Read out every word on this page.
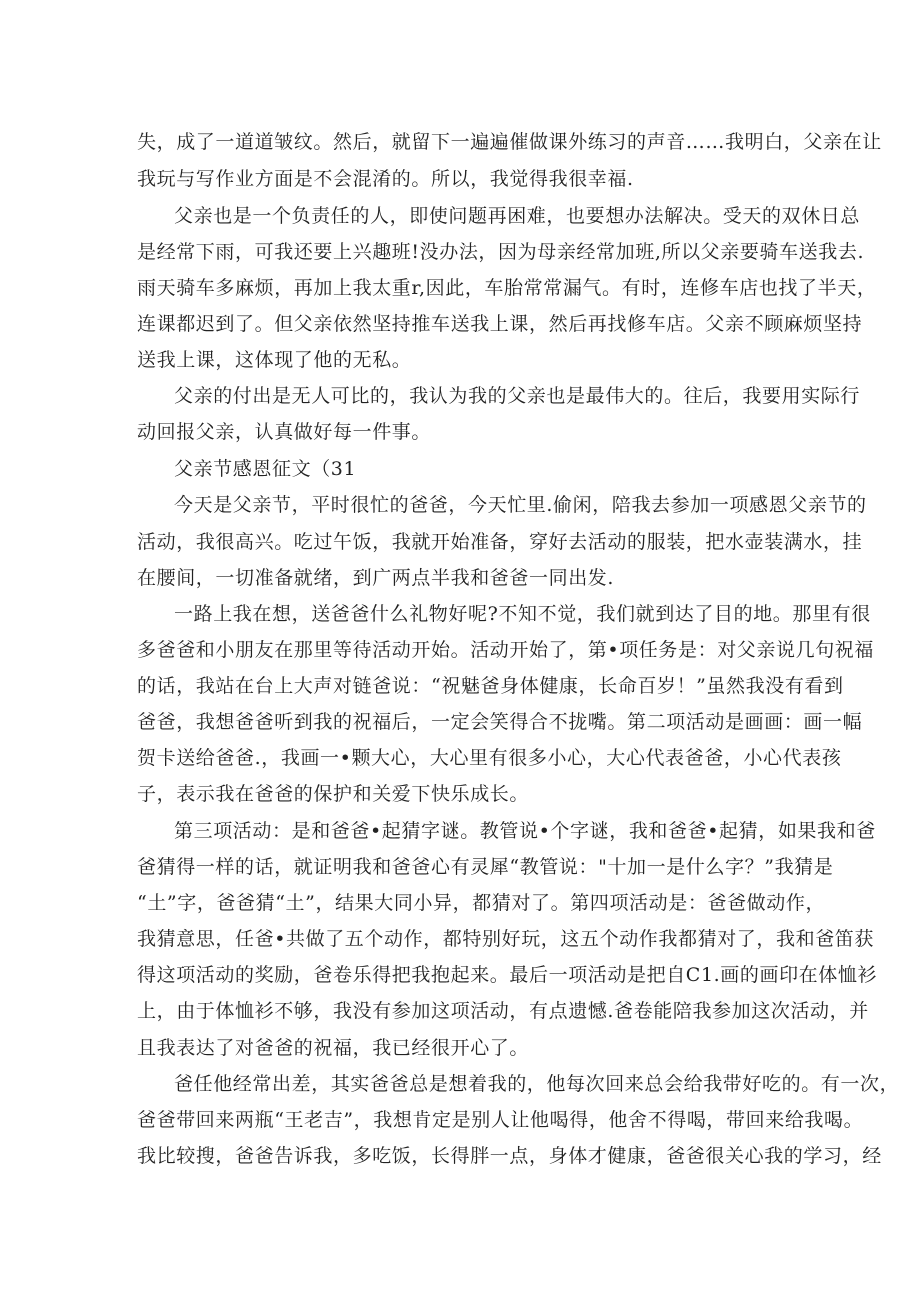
失，成了一道道皱纹。然后，就留下一遍遍催做课外练习的声音……我明白，父亲在让
我玩与写作业方面是不会混淆的。所以，我觉得我很幸福.
父亲也是一个负责任的人，即使问题再困难，也要想办法解决。受天的双休日总
是经常下雨，可我还要上兴趣班!没办法，因为母亲经常加班,所以父亲要骑车送我去.
雨天骑车多麻烦，再加上我太重r,因此，车胎常常漏气。有时，连修车店也找了半天，
连课都迟到了。但父亲依然坚持推车送我上课，然后再找修车店。父亲不顾麻烦坚持
送我上课，这体现了他的无私。
父亲的付出是无人可比的，我认为我的父亲也是最伟大的。往后，我要用实际行
动回报父亲，认真做好每一件事。
父亲节感恩征文（31
今天是父亲节，平时很忙的爸爸，今天忙里.偷闲，陪我去参加一项感恩父亲节的
活动，我很高兴。吃过午饭，我就开始准备，穿好去活动的服装，把水壶装满水，挂
在腰间，一切准备就绪，到广两点半我和爸爸一同出发.
一路上我在想，送爸爸什么礼物好呢?不知不觉，我们就到达了目的地。那里有很
多爸爸和小朋友在那里等待活动开始。活动开始了，第•项任务是：对父亲说几句祝福
的话，我站在台上大声对链爸说：“祝魅爸身体健康，长命百岁！”虽然我没有看到
爸爸，我想爸爸听到我的祝福后，一定会笑得合不拢嘴。第二项活动是画画：画一幅
贺卡送给爸爸.，我画一•颗大心，大心里有很多小心，大心代表爸爸，小心代表孩
子，表示我在爸爸的保护和关爱下快乐成长。
第三项活动：是和爸爸•起猜字谜。教管说•个字谜，我和爸爸•起猜，如果我和爸
爸猜得一样的话，就证明我和爸爸心有灵犀“教管说："十加一是什么字？”我猜是
“土”字，爸爸猜“土”，结果大同小异，都猜对了。第四项活动是：爸爸做动作，
我猜意思，任爸•共做了五个动作，都特别好玩，这五个动作我都猜对了，我和爸笛获
得这项活动的奖励，爸卷乐得把我抱起来。最后一项活动是把自C1.画的画印在体恤衫
上，由于体恤衫不够，我没有参加这项活动，有点遗憾.爸卷能陪我参加这次活动，并
且我表达了对爸爸的祝福，我已经很开心了。
爸任他经常出差，其实爸爸总是想着我的，他每次回来总会给我带好吃的。有一次，
爸爸带回来两瓶“王老吉”，我想肯定是别人让他喝得，他舍不得喝，带回来给我喝。
我比较搜，爸爸告诉我，多吃饭，长得胖一点，身体才健康，爸爸很关心我的学习，经
